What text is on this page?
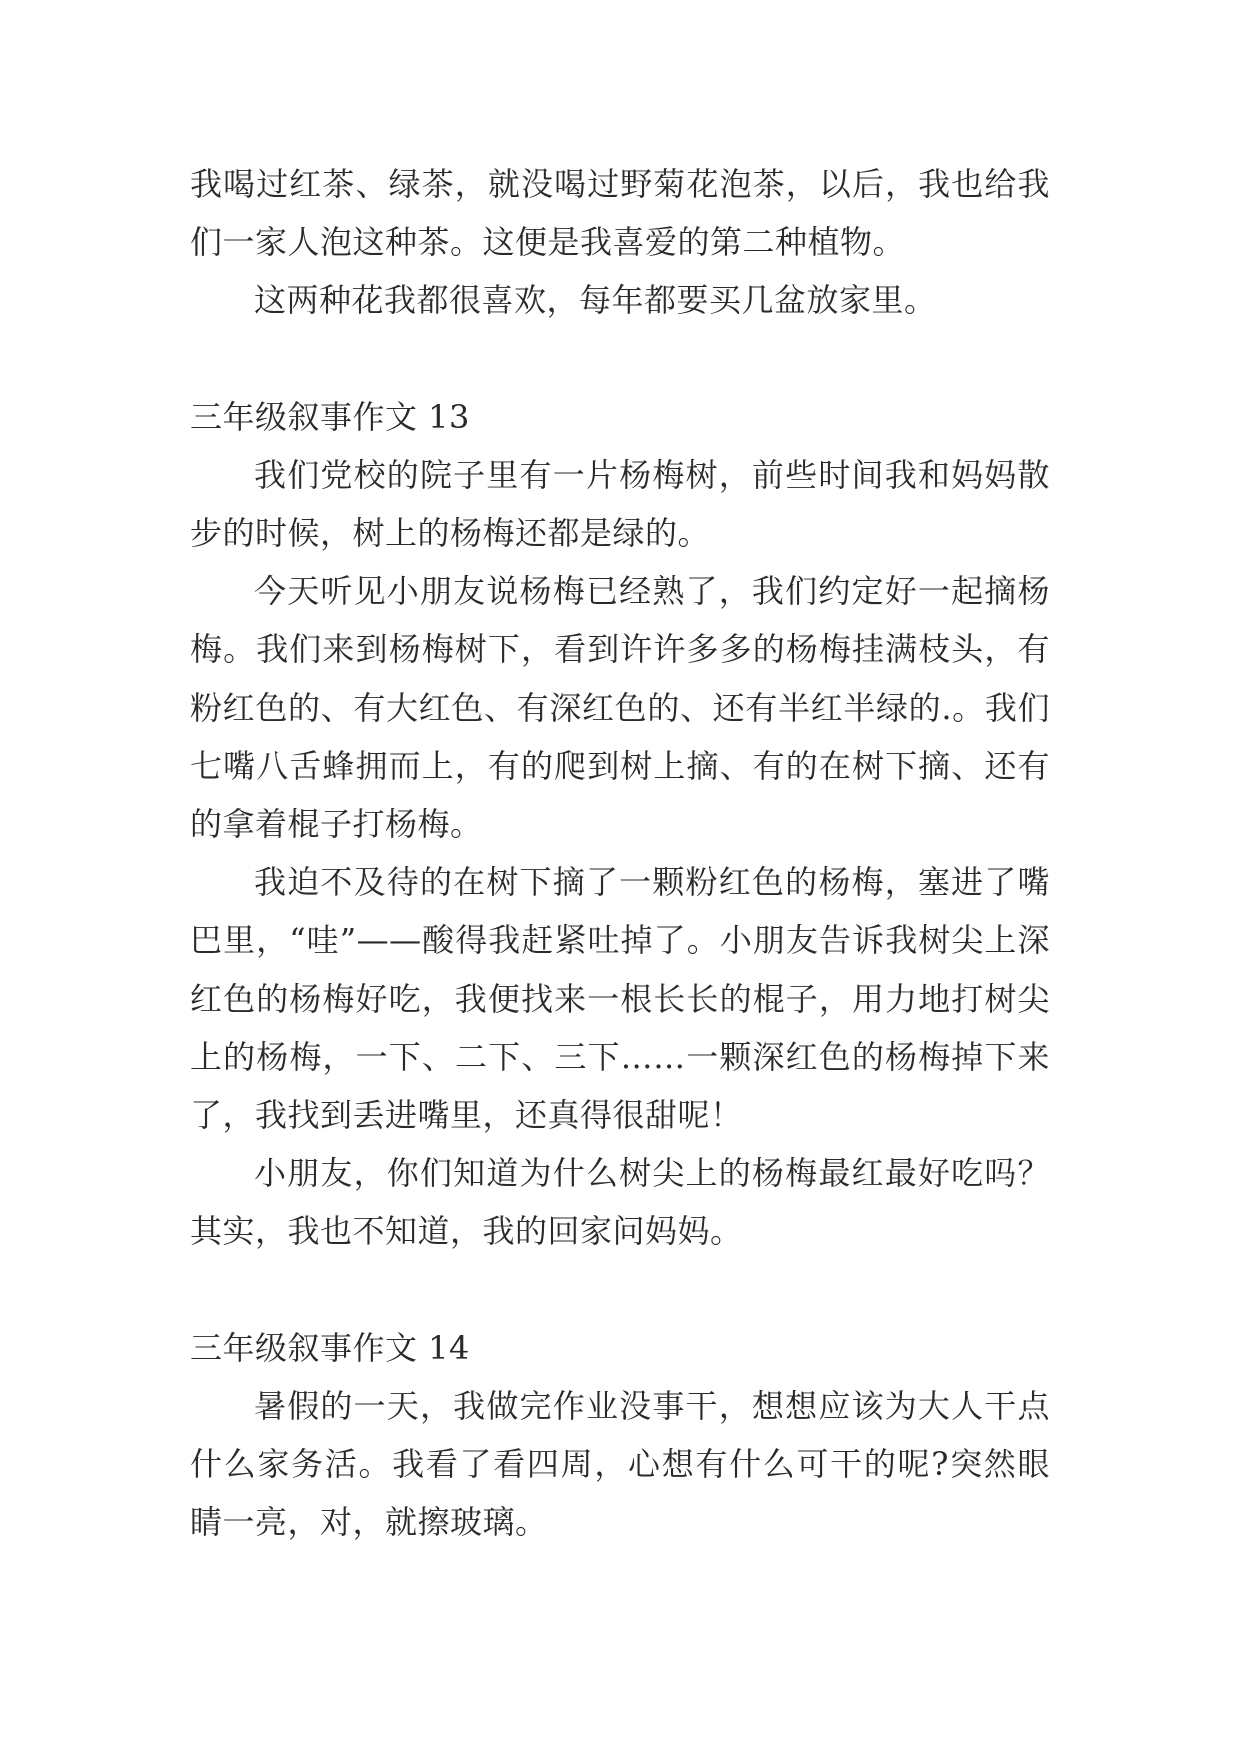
我喝过红茶、绿茶，就没喝过野菊花泡茶，以后，我也给我们一家人泡这种茶。这便是我喜爱的第二种植物。

这两种花我都很喜欢，每年都要买几盆放家里。

三年级叙事作文 13

我们党校的院子里有一片杨梅树，前些时间我和妈妈散步的时候，树上的杨梅还都是绿的。

今天听见小朋友说杨梅已经熟了，我们约定好一起摘杨梅。我们来到杨梅树下，看到许许多多的杨梅挂满枝头，有粉红色的、有大红色、有深红色的、还有半红半绿的.。我们七嘴八舌蜂拥而上，有的爬到树上摘、有的在树下摘、还有的拿着棍子打杨梅。

我迫不及待的在树下摘了一颗粉红色的杨梅，塞进了嘴巴里，“哇”——酸得我赶紧吐掉了。小朋友告诉我树尖上深红色的杨梅好吃，我便找来一根长长的棍子，用力地打树尖上的杨梅，一下、二下、三下……一颗深红色的杨梅掉下来了，我找到丢进嘴里，还真得很甜呢！

小朋友，你们知道为什么树尖上的杨梅最红最好吃吗？其实，我也不知道，我的回家问妈妈。

三年级叙事作文 14

暑假的一天，我做完作业没事干，想想应该为大人干点什么家务活。我看了看四周，心想有什么可干的呢?突然眼睛一亮，对，就擦玻璃。
